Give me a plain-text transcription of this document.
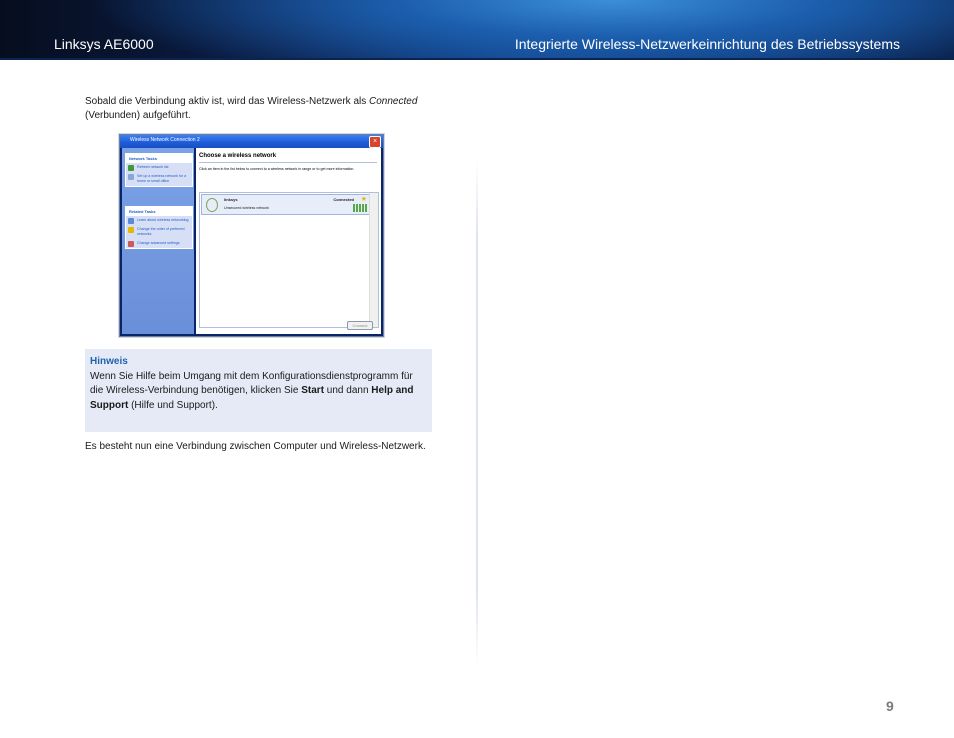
Linksys AE6000	Integrierte Wireless-Netzwerkeinrichtung des Betriebssystems

Sobald die Verbindung aktiv ist, wird das Wireless-Netzwerk als Connected
(Verbunden) aufgeführt.

Wireless Network Connection 2	×
Network Tasks
Refresh network list
Set up a wireless network for a home or small office
Related Tasks
Learn about wireless networking
Change the order of preferred networks
Change advanced settings
Choose a wireless network
Click an item in the list below to connect to a wireless network in range or to get more information.
linksys	Connected ★
Unsecured wireless network
Connect
Hinweis
Wenn Sie Hilfe beim Umgang mit dem Konfigurationsdienstprogramm für die Wireless-Verbindung benötigen, klicken Sie Start und dann Help and Support (Hilfe und Support).

Es besteht nun eine Verbindung zwischen Computer und Wireless-Netzwerk.

9
